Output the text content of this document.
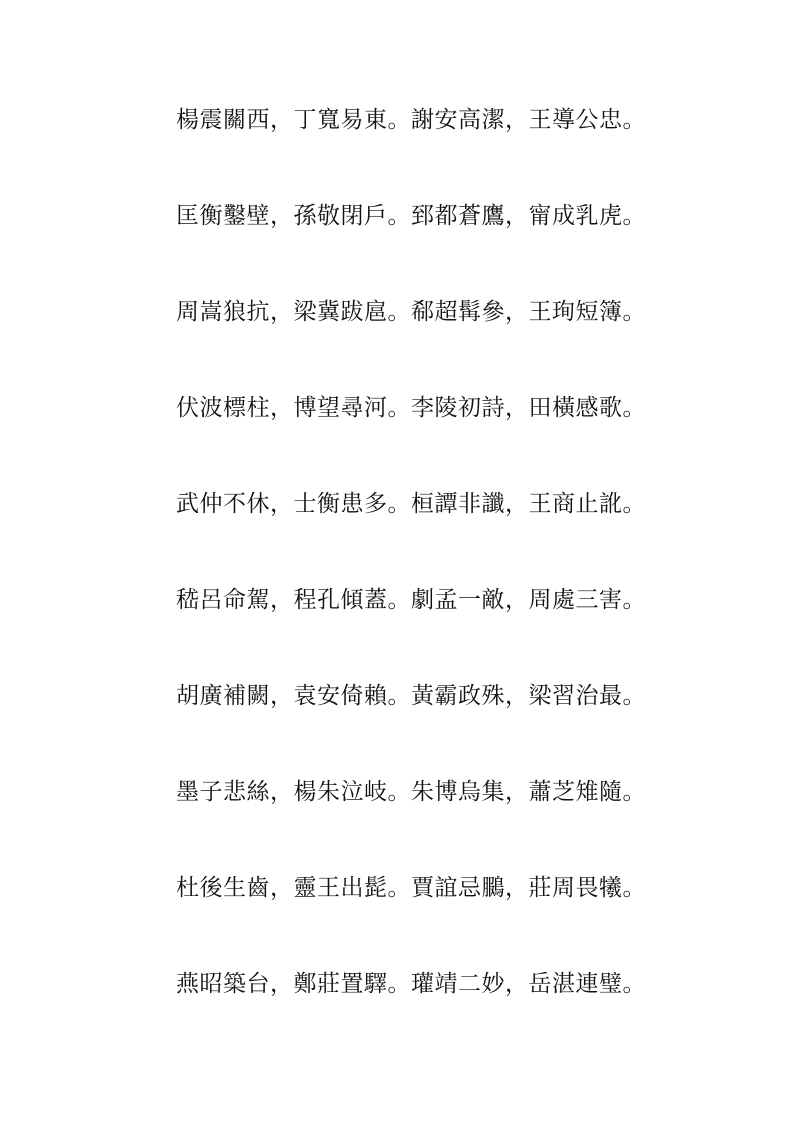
楊震關西，丁寬易東。謝安高潔，王導公忠。
匡衡鑿壁，孫敬閉戶。郅都蒼鷹，甯成乳虎。
周嵩狼抗，梁冀跋扈。郗超髯參，王珣短簿。
伏波標柱，博望尋河。李陵初詩，田橫感歌。
武仲不休，士衡患多。桓譚非讖，王商止訛。
嵇呂命駕，程孔傾蓋。劇孟一敵，周處三害。
胡廣補闕，袁安倚賴。黃霸政殊，梁習治最。
墨子悲絲，楊朱泣岐。朱博烏集，蕭芝雉隨。
杜後生齒，靈王出髭。賈誼忌鵩，莊周畏犧。
燕昭築台，鄭莊置驛。瓘靖二妙，岳湛連璧。
